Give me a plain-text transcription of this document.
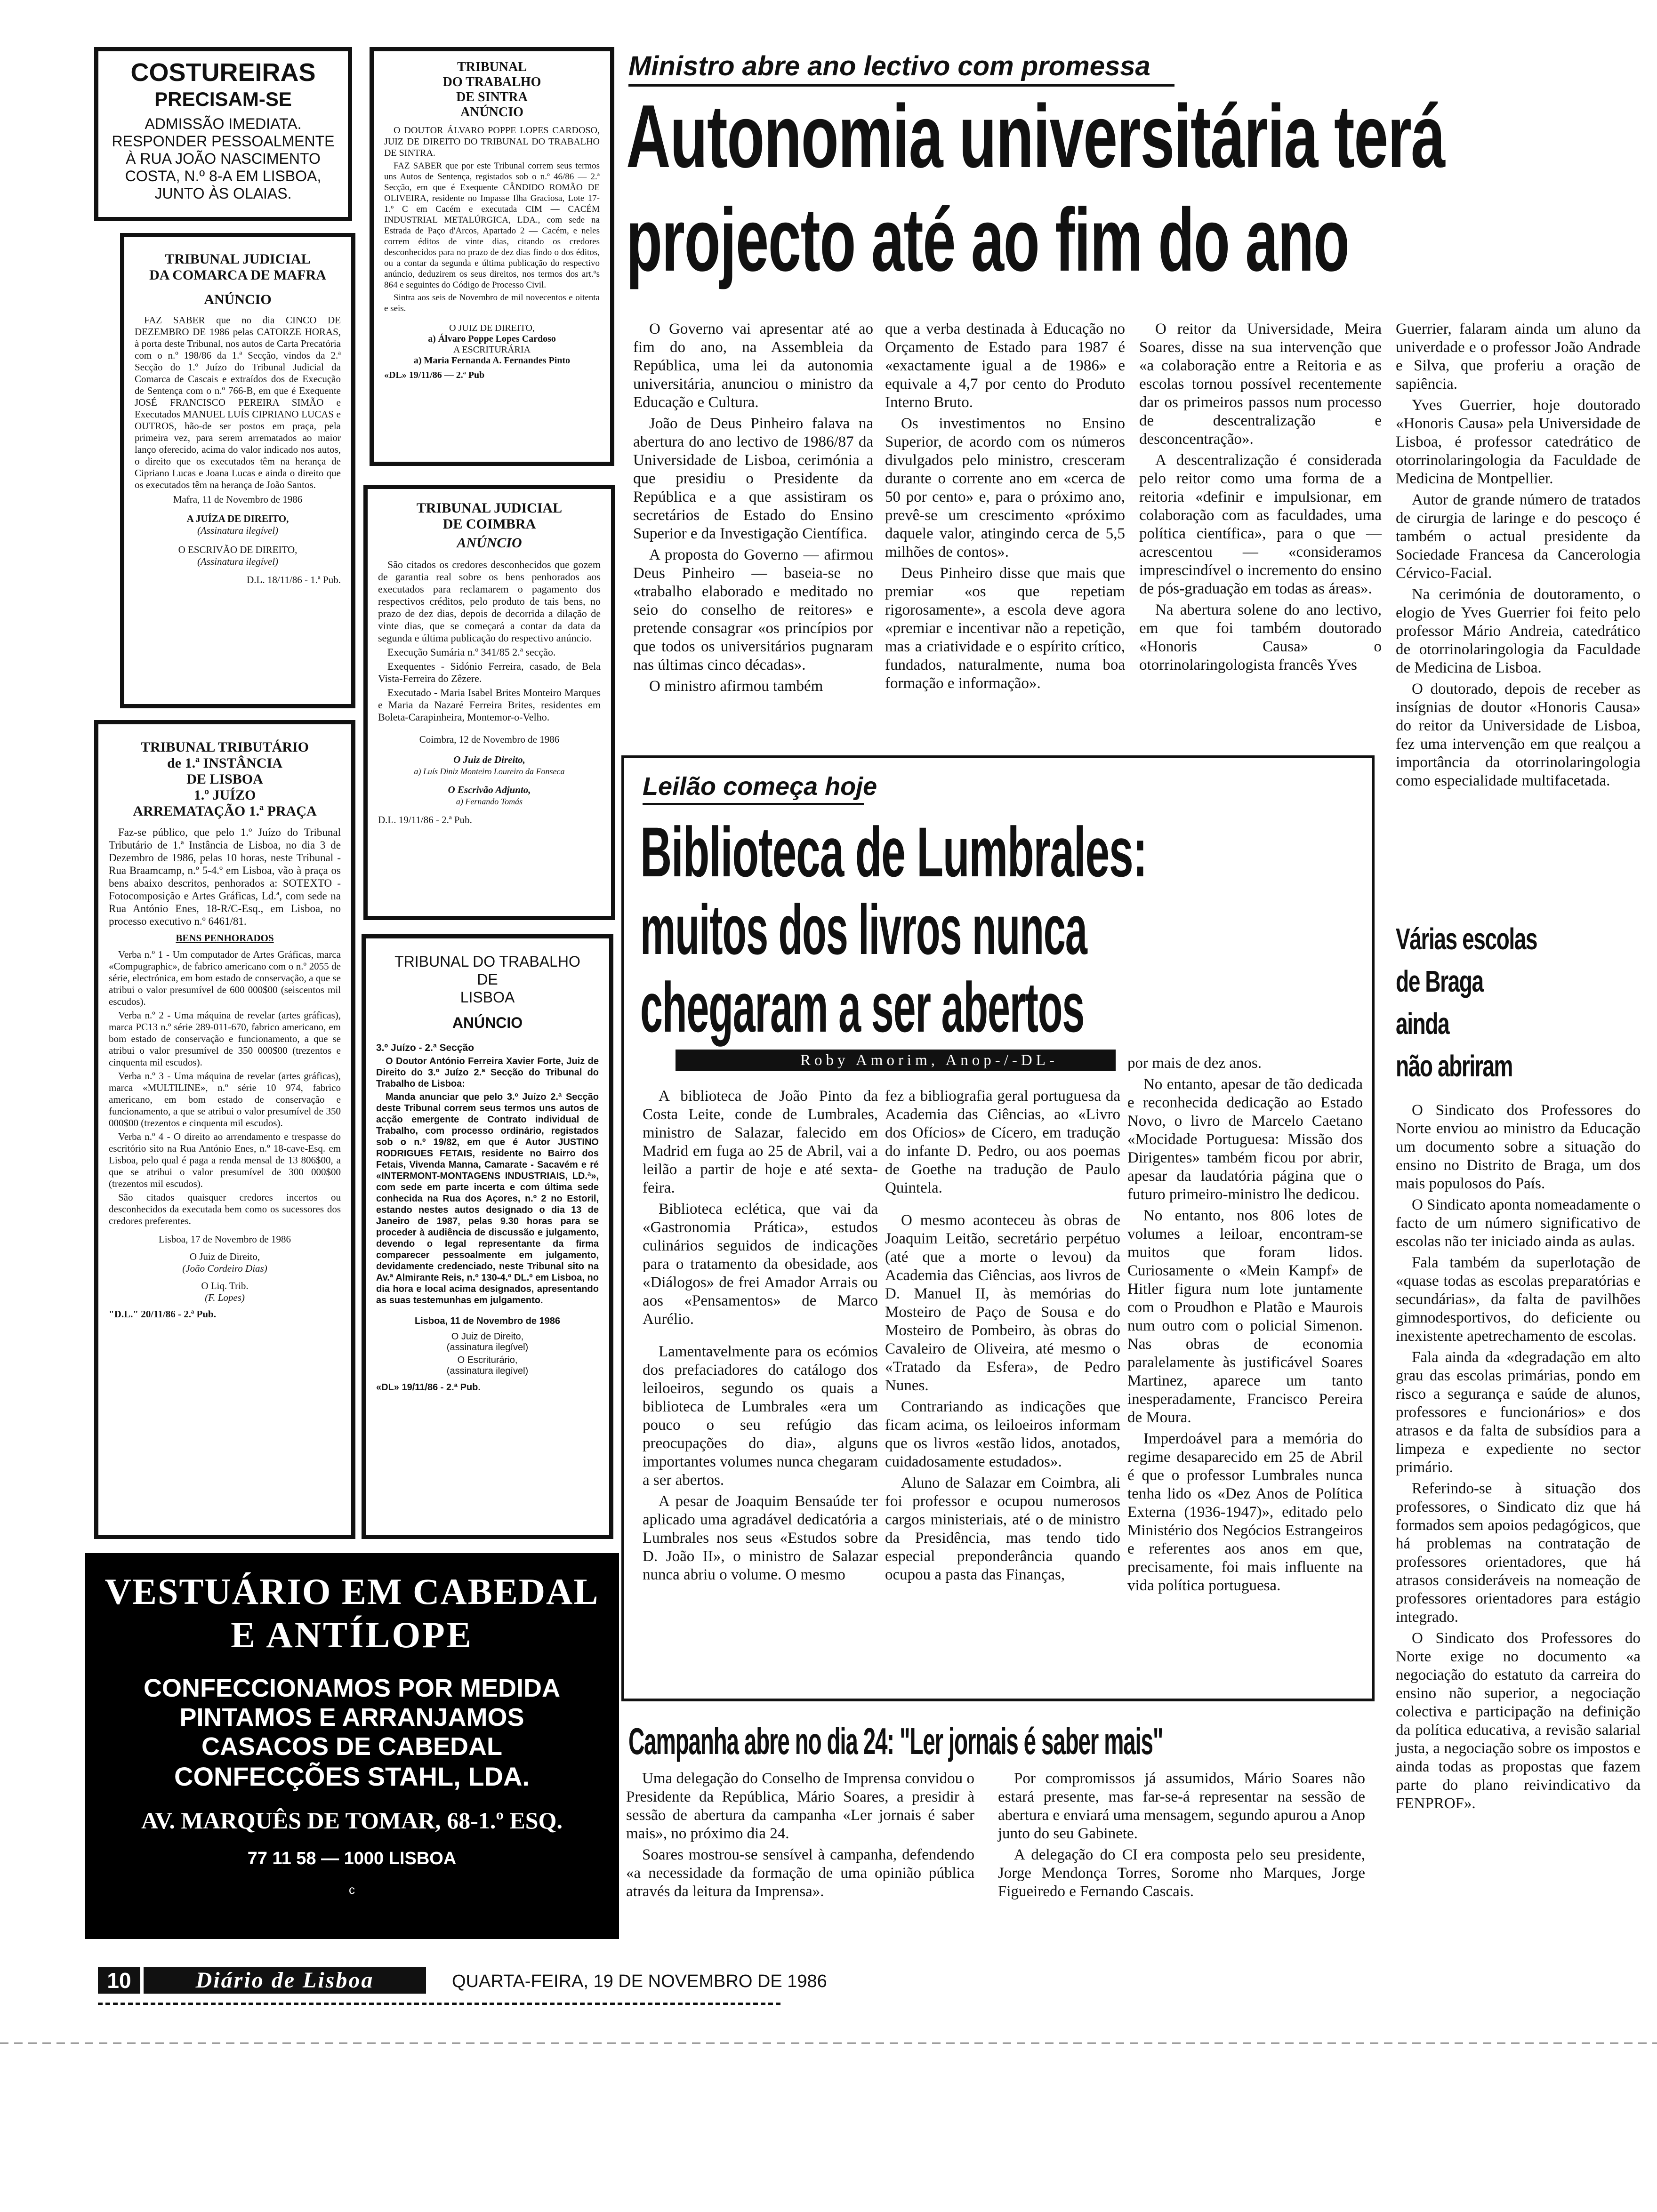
COSTUREIRAS
PRECISAM-SE
ADMISSÃO IMEDIATA. RESPONDER PESSOALMENTE À RUA JOÃO NASCIMENTO COSTA, N.º 8-A EM LISBOA, JUNTO ÀS OLAIAS.
TRIBUNAL JUDICIAL
DA COMARCA DE MAFRA
ANÚNCIO

FAZ SABER que no dia CINCO DE DEZEMBRO DE 1986 pelas CATORZE HORAS, à porta deste Tribunal, nos autos de Carta Precatória com o n.º 198/86 da 1.ª Secção, vindos da 2.ª Secção do 1.º Juízo do Tribunal Judicial da Comarca de Cascais e extraídos dos de Execução de Sentença com o n.º 766-B, em que é Exequente JOSÉ FRANCISCO PEREIRA SIMÃO e Executados MANUEL LUÍS CIPRIANO LUCAS e OUTROS, hão-de ser postos em praça, pela primeira vez, para serem arrematados ao maior lanço oferecido, acima do valor indicado nos autos, o direito que os executados têm na herança de Cipriano Lucas e Joana Lucas e ainda o direito que os executados têm na herança de João Santos.

Mafra, 11 de Novembro de 1986

A JUÍZA DE DIREITO,

(Assinatura ilegível)

O ESCRIVÃO DE DIREITO,

(Assinatura ilegível)

D.L. 18/11/86 - 1.ª Pub.

TRIBUNAL TRIBUTÁRIO
de 1.ª INSTÂNCIA
DE LISBOA
1.º JUÍZO
ARREMATAÇÃO 1.ª PRAÇA

Faz-se público, que pelo 1.º Juízo do Tribunal Tributário de 1.ª Instância de Lisboa, no dia 3 de Dezembro de 1986, pelas 10 horas, neste Tribunal - Rua Braamcamp, n.º 5-4.º em Lisboa, vão à praça os bens abaixo descritos, penhorados a: SOTEXTO - Fotocomposição e Artes Gráficas, Ld.ª, com sede na Rua António Enes, 18-R/C-Esq., em Lisboa, no processo executivo n.º 6461/81.

BENS PENHORADOS

Verba n.º 1 - Um computador de Artes Gráficas, marca «Compugraphic», de fabrico americano com o n.º 2055 de série, electrónica, em bom estado de conservação, a que se atribui o valor presumível de 600 000$00 (seiscentos mil escudos).

Verba n.º 2 - Uma máquina de revelar (artes gráficas), marca PC13 n.º série 289-011-670, fabrico americano, em bom estado de conservação e funcionamento, a que se atribui o valor presumível de 350 000$00 (trezentos e cinquenta mil escudos).

Verba n.º 3 - Uma máquina de revelar (artes gráficas), marca «MULTILINE», n.º série 10 974, fabrico americano, em bom estado de conservação e funcionamento, a que se atribui o valor presumível de 350 000$00 (trezentos e cinquenta mil escudos).

Verba n.º 4 - O direito ao arrendamento e trespasse do escritório sito na Rua António Enes, n.º 18-cave-Esq. em Lisboa, pelo qual é paga a renda mensal de 13 806$00, a que se atribui o valor presumível de 300 000$00 (trezentos mil escudos).

São citados quaisquer credores incertos ou desconhecidos da executada bem como os sucessores dos credores preferentes.

Lisboa, 17 de Novembro de 1986

O Juiz de Direito,

(João Cordeiro Dias)

O Liq. Trib.

(F. Lopes)

"D.L." 20/11/86 - 2.ª Pub.

TRIBUNAL
DO TRABALHO
DE SINTRA
ANÚNCIO

O DOUTOR ÁLVARO POPPE LOPES CARDOSO, JUIZ DE DIREITO DO TRIBUNAL DO TRABALHO DE SINTRA.

FAZ SABER que por este Tribunal correm seus termos uns Autos de Sentença, registados sob o n.º 46/86 — 2.ª Secção, em que é Exequente CÂNDIDO ROMÃO DE OLIVEIRA, residente no Impasse Ilha Graciosa, Lote 17-1.º C em Cacém e executada CIM — CACÉM INDUSTRIAL METALÚRGICA, LDA., com sede na Estrada de Paço d'Arcos, Apartado 2 — Cacém, e neles correm éditos de vinte dias, citando os credores desconhecidos para no prazo de dez dias findo o dos éditos, ou a contar da segunda e última publicação do respectivo anúncio, deduzirem os seus direitos, nos termos dos art.ºs 864 e seguintes do Código de Processo Civil.

Sintra aos seis de Novembro de mil novecentos e oitenta e seis.

O JUIZ DE DIREITO,

a) Álvaro Poppe Lopes Cardoso

A ESCRITURÁRIA

a) Maria Fernanda A. Fernandes Pinto

«DL» 19/11/86 — 2.ª Pub

TRIBUNAL JUDICIAL
DE COIMBRA
ANÚNCIO

São citados os credores desconhecidos que gozem de garantia real sobre os bens penhorados aos executados para reclamarem o pagamento dos respectivos créditos, pelo produto de tais bens, no prazo de dez dias, depois de decorrida a dilação de vinte dias, que se começará a contar da data da segunda e última publicação do respectivo anúncio.

Execução Sumária n.º 341/85 2.ª secção.

Exequentes - Sidónio Ferreira, casado, de Bela Vista-Ferreira do Zêzere.

Executado - Maria Isabel Brites Monteiro Marques e Maria da Nazaré Ferreira Brites, residentes em Boleta-Carapinheira, Montemor-o-Velho.

Coimbra, 12 de Novembro de 1986

O Juiz de Direito,

a) Luís Diniz Monteiro Loureiro da Fonseca

O Escrivão Adjunto,

a) Fernando Tomás

D.L. 19/11/86 - 2.ª Pub.

TRIBUNAL DO TRABALHO
DE
LISBOA
ANÚNCIO

3.º Juízo - 2.ª Secção

O Doutor António Ferreira Xavier Forte, Juiz de Direito do 3.º Juízo 2.ª Secção do Tribunal do Trabalho de Lisboa:

Manda anunciar que pelo 3.º Juízo 2.ª Secção deste Tribunal correm seus termos uns autos de acção emergente de Contrato individual de Trabalho, com processo ordinário, registados sob o n.º 19/82, em que é Autor JUSTINO RODRIGUES FETAIS, residente no Bairro dos Fetais, Vivenda Manna, Camarate - Sacavém e ré «INTERMONT-MONTAGENS INDUSTRIAIS, LD.ª», com sede em parte incerta e com última sede conhecida na Rua dos Açores, n.º 2 no Estoril, estando nestes autos designado o dia 13 de Janeiro de 1987, pelas 9.30 horas para se proceder à audiência de discussão e julgamento, devendo o legal representante da firma comparecer pessoalmente em julgamento, devidamente credenciado, neste Tribunal sito na Av.ª Almirante Reis, n.º 130-4.º DL.º em Lisboa, no dia hora e local acima designados, apresentando as suas testemunhas em julgamento.

Lisboa, 11 de Novembro de 1986

O Juiz de Direito,

(assinatura ilegível)

O Escriturário,

(assinatura ilegível)

«DL» 19/11/86 - 2.ª Pub.

VESTUÁRIO EM CABEDAL
E ANTÍLOPE
CONFECCIONAMOS POR MEDIDA
PINTAMOS E ARRANJAMOS
CASACOS DE CABEDAL
CONFECÇÕES STAHL, LDA.
AV. MARQUÊS DE TOMAR, 68-1.º ESQ.
77 11 58 — 1000 LISBOA
c
Ministro abre ano lectivo com promessa
Autonomia universitária terá
projecto até ao fim do ano

O Governo vai apresentar até ao fim do ano, na Assembleia da República, uma lei da autonomia universitária, anunciou o ministro da Educação e Cultura.

João de Deus Pinheiro falava na abertura do ano lectivo de 1986/87 da Universidade de Lisboa, cerimónia a que presidiu o Presidente da República e a que assistiram os secretários de Estado do Ensino Superior e da Investigação Científica.

A proposta do Governo — afirmou Deus Pinheiro — baseia-se no «trabalho elaborado e meditado no seio do conselho de reitores» e pretende consagrar «os princípios por que todos os universitários pugnaram nas últimas cinco décadas».

O ministro afirmou também

que a verba destinada à Educação no Orçamento de Estado para 1987 é «exactamente igual a de 1986» e equivale a 4,7 por cento do Produto Interno Bruto.

Os investimentos no Ensino Superior, de acordo com os números divulgados pelo ministro, cresceram durante o corrente ano em «cerca de 50 por cento» e, para o próximo ano, prevê-se um crescimento «próximo daquele valor, atingindo cerca de 5,5 milhões de contos».

Deus Pinheiro disse que mais que premiar «os que repetiam rigorosamente», a escola deve agora «premiar e incentivar não a repetição, mas a criatividade e o espírito crítico, fundados, naturalmente, numa boa formação e informação».

O reitor da Universidade, Meira Soares, disse na sua intervenção que «a colaboração entre a Reitoria e as escolas tornou possível recentemente dar os primeiros passos num processo de descentralização e desconcentração».

A descentralização é considerada pelo reitor como uma forma de a reitoria «definir e impulsionar, em colaboração com as faculdades, uma política científica», para o que — acrescentou — «consideramos imprescindível o incremento do ensino de pós-graduação em todas as áreas».

Na abertura solene do ano lectivo, em que foi também doutorado «Honoris Causa» o otorrinolaringologista francês Yves

Guerrier, falaram ainda um aluno da univerdade e o professor João Andrade e Silva, que proferiu a oração de sapiência.

Yves Guerrier, hoje doutorado «Honoris Causa» pela Universidade de Lisboa, é professor catedrático de otorrinolaringologia da Faculdade de Medicina de Montpellier.

Autor de grande número de tratados de cirurgia de laringe e do pescoço é também o actual presidente da Sociedade Francesa da Cancerologia Cérvico-Facial.

Na cerimónia de doutoramento, o elogio de Yves Guerrier foi feito pelo professor Mário Andreia, catedrático de otorrinolaringologia da Faculdade de Medicina de Lisboa.

O doutorado, depois de receber as insígnias de doutor «Honoris Causa» do reitor da Universidade de Lisboa, fez uma intervenção em que realçou a importância da otorrinolaringologia como especialidade multifacetada.

Várias escolas
de Braga
ainda
não abriram

O Sindicato dos Professores do Norte enviou ao ministro da Educação um documento sobre a situação do ensino no Distrito de Braga, um dos mais populosos do País.

O Sindicato aponta nomeadamente o facto de um número significativo de escolas não ter iniciado ainda as aulas.

Fala também da superlotação de «quase todas as escolas preparatórias e secundárias», da falta de pavilhões gimnodesportivos, do deficiente ou inexistente apetrechamento de escolas.

Fala ainda da «degradação em alto grau das escolas primárias, pondo em risco a segurança e saúde de alunos, professores e funcionários» e dos atrasos e da falta de subsídios para a limpeza e expediente no sector primário.

Referindo-se à situação dos professores, o Sindicato diz que há formados sem apoios pedagógicos, que há problemas na contratação de professores orientadores, que há atrasos consideráveis na nomeação de professores orientadores para estágio integrado.

O Sindicato dos Professores do Norte exige no documento «a negociação do estatuto da carreira do ensino não superior, a negociação colectiva e participação na definição da política educativa, a revisão salarial justa, a negociação sobre os impostos e ainda todas as propostas que fazem parte do plano reivindicativo da FENPROF».

Leilão começa hoje
Biblioteca de Lumbrales:
muitos dos livros nunca
chegaram a ser abertos
Roby Amorim, Anop-/-DL-

A biblioteca de João Pinto da Costa Leite, conde de Lumbrales, ministro de Salazar, falecido em Madrid em fuga ao 25 de Abril, vai a leilão a partir de hoje e até sexta-feira.

Biblioteca eclética, que vai da «Gastronomia Prática», estudos culinários seguidos de indicações para o tratamento da obesidade, aos «Diálogos» de frei Amador Arrais ou aos «Pensamentos» de Marco Aurélio.

Lamentavelmente para os ecómios dos prefaciadores do catálogo dos leiloeiros, segundo os quais a biblioteca de Lumbrales «era um pouco o seu refúgio das preocupações do dia», alguns importantes volumes nunca chegaram a ser abertos.

A pesar de Joaquim Bensaúde ter aplicado uma agradável dedicatória a Lumbrales nos seus «Estudos sobre D. João II», o ministro de Salazar nunca abriu o volume. O mesmo

fez a bibliografia geral portuguesa da Academia das Ciências, ao «Livro dos Ofícios» de Cícero, em tradução do infante D. Pedro, ou aos poemas de Goethe na tradução de Paulo Quintela.

O mesmo aconteceu às obras de Joaquim Leitão, secretário perpétuo (até que a morte o levou) da Academia das Ciências, aos livros de D. Manuel II, às memórias do Mosteiro de Paço de Sousa e do Mosteiro de Pombeiro, às obras do Cavaleiro de Oliveira, até mesmo o «Tratado da Esfera», de Pedro Nunes.

Contrariando as indicações que ficam acima, os leiloeiros informam que os livros «estão lidos, anotados, cuidadosamente estudados».

Aluno de Salazar em Coimbra, ali foi professor e ocupou numerosos cargos ministeriais, até o de ministro da Presidência, mas tendo tido especial preponderância quando ocupou a pasta das Finanças,

por mais de dez anos.

No entanto, apesar de tão dedicada e reconhecida dedicação ao Estado Novo, o livro de Marcelo Caetano «Mocidade Portuguesa: Missão dos Dirigentes» também ficou por abrir, apesar da laudatória página que o futuro primeiro-ministro lhe dedicou.

No entanto, nos 806 lotes de volumes a leiloar, encontram-se muitos que foram lidos. Curiosamente o «Mein Kampf» de Hitler figura num lote juntamente com o Proudhon e Platão e Maurois num outro com o policial Simenon. Nas obras de economia paralelamente às justificável Soares Martinez, aparece um tanto inesperadamente, Francisco Pereira de Moura.

Imperdoável para a memória do regime desaparecido em 25 de Abril é que o professor Lumbrales nunca tenha lido os «Dez Anos de Política Externa (1936-1947)», editado pelo Ministério dos Negócios Estrangeiros e referentes aos anos em que, precisamente, foi mais influente na vida política portuguesa.

Campanha abre no dia 24: "Ler jornais é saber mais"

Uma delegação do Conselho de Imprensa convidou o Presidente da República, Mário Soares, a presidir à sessão de abertura da campanha «Ler jornais é saber mais», no próximo dia 24.

Soares mostrou-se sensível à campanha, defendendo «a necessidade da formação de uma opinião pública através da leitura da Imprensa».

Por compromissos já assumidos, Mário Soares não estará presente, mas far-se-á representar na sessão de abertura e enviará uma mensagem, segundo apurou a Anop junto do seu Gabinete.

A delegação do CI era composta pelo seu presidente, Jorge Mendonça Torres, Sorome nho Marques, Jorge Figueiredo e Fernando Cascais.

10	Diário de Lisboa	QUARTA-FEIRA, 19 DE NOVEMBRO DE 1986
